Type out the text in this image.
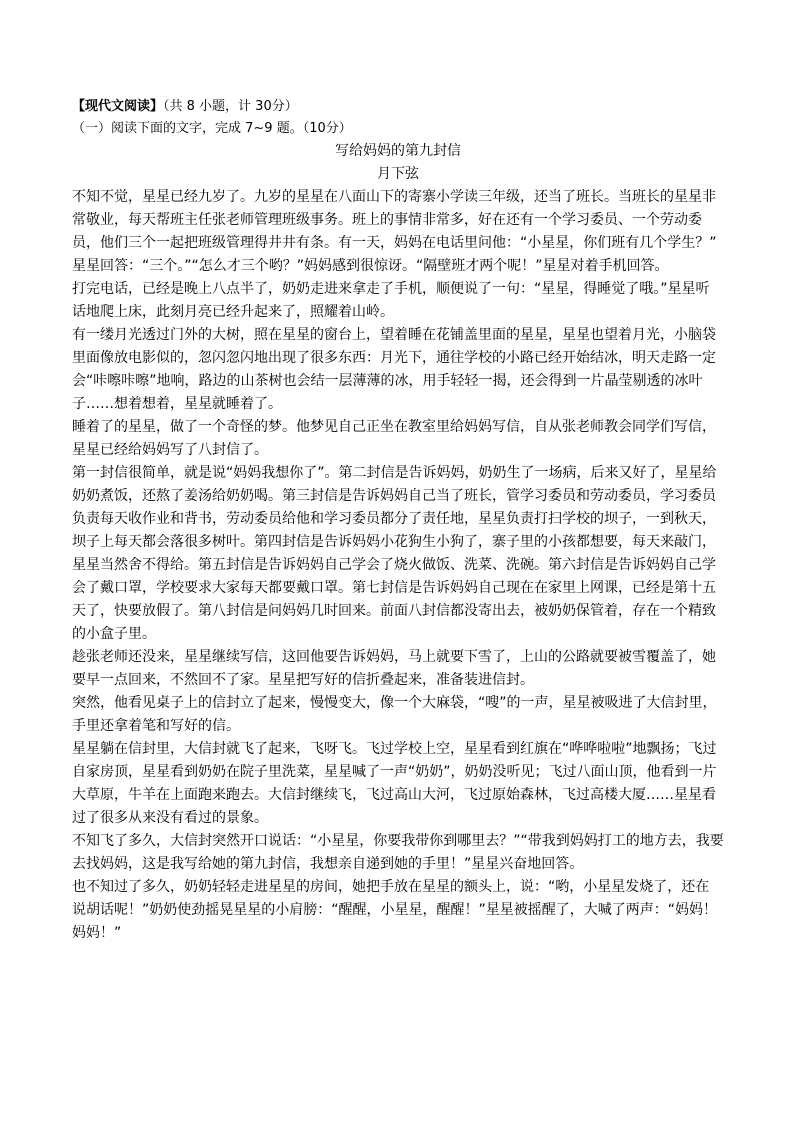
【现代文阅读】（共 8 小题，计 30分）
（一）阅读下面的文字，完成 7~9 题。（10分）
写给妈妈的第九封信
月下弦
不知不觉，星星已经九岁了。九岁的星星在八面山下的寄寨小学读三年级，还当了班长。当班长的星星非
常敬业，每天帮班主任张老师管理班级事务。班上的事情非常多，好在还有一个学习委员、一个劳动委
员，他们三个一起把班级管理得井井有条。有一天，妈妈在电话里问他：“小星星，你们班有几个学生？”
星星回答：“三个。”“怎么才三个哟？”妈妈感到很惊讶。“隔壁班才两个呢！”星星对着手机回答。
打完电话，已经是晚上八点半了，奶奶走进来拿走了手机，顺便说了一句：“星星，得睡觉了哦。”星星听
话地爬上床，此刻月亮已经升起来了，照耀着山岭。
有一缕月光透过门外的大树，照在星星的窗台上，望着睡在花铺盖里面的星星，星星也望着月光，小脑袋
里面像放电影似的，忽闪忽闪地出现了很多东西：月光下，通往学校的小路已经开始结冰，明天走路一定
会“咔嚓咔嚓”地响，路边的山茶树也会结一层薄薄的冰，用手轻轻一揭，还会得到一片晶莹剔透的冰叶
子……想着想着，星星就睡着了。
睡着了的星星，做了一个奇怪的梦。他梦见自己正坐在教室里给妈妈写信，自从张老师教会同学们写信，
星星已经给妈妈写了八封信了。
第一封信很简单，就是说“妈妈我想你了”。第二封信是告诉妈妈，奶奶生了一场病，后来又好了，星星给
奶奶煮饭，还熬了姜汤给奶奶喝。第三封信是告诉妈妈自己当了班长，管学习委员和劳动委员，学习委员
负责每天收作业和背书，劳动委员给他和学习委员都分了责任地，星星负责打扫学校的坝子，一到秋天，
坝子上每天都会落很多树叶。第四封信是告诉妈妈小花狗生小狗了，寨子里的小孩都想要，每天来敲门，
星星当然舍不得给。第五封信是告诉妈妈自己学会了烧火做饭、洗菜、洗碗。第六封信是告诉妈妈自己学
会了戴口罩，学校要求大家每天都要戴口罩。第七封信是告诉妈妈自己现在在家里上网课，已经是第十五
天了，快要放假了。第八封信是问妈妈几时回来。前面八封信都没寄出去，被奶奶保管着，存在一个精致
的小盒子里。
趁张老师还没来，星星继续写信，这回他要告诉妈妈，马上就要下雪了，上山的公路就要被雪覆盖了，她
要早一点回来，不然回不了家。星星把写好的信折叠起来，准备装进信封。
突然，他看见桌子上的信封立了起来，慢慢变大，像一个大麻袋，“嗖”的一声，星星被吸进了大信封里，
手里还拿着笔和写好的信。
星星躺在信封里，大信封就飞了起来，飞呀飞。飞过学校上空，星星看到红旗在“哗哗啦啦”地飘扬；飞过
自家房顶，星星看到奶奶在院子里洗菜，星星喊了一声“奶奶”，奶奶没听见；飞过八面山顶，他看到一片
大草原，牛羊在上面跑来跑去。大信封继续飞，飞过高山大河，飞过原始森林，飞过高楼大厦……星星看
过了很多从来没有看过的景象。
不知飞了多久，大信封突然开口说话：“小星星，你要我带你到哪里去？”“带我到妈妈打工的地方去，我要
去找妈妈，这是我写给她的第九封信，我想亲自递到她的手里！”星星兴奋地回答。
也不知过了多久，奶奶轻轻走进星星的房间，她把手放在星星的额头上，说：“哟，小星星发烧了，还在
说胡话呢！”奶奶使劲摇晃星星的小肩膀：“醒醒，小星星，醒醒！”星星被摇醒了，大喊了两声：“妈妈！
妈妈！”
